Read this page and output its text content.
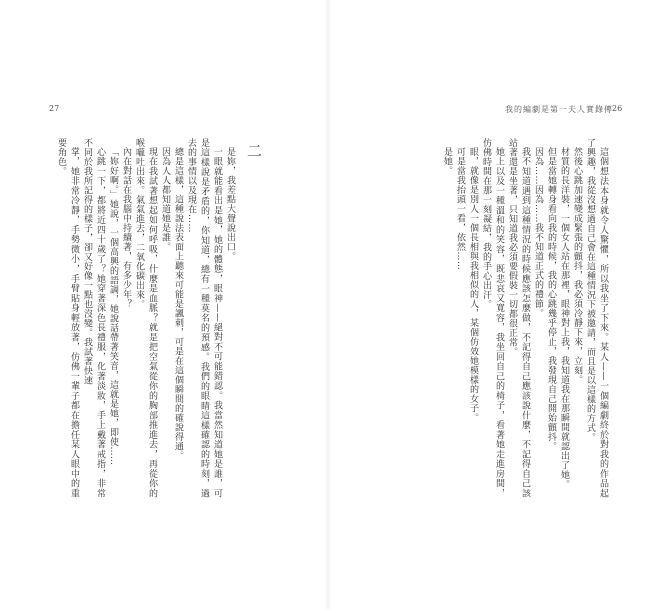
27

是妳，我差點大聲說出口。

一眼就能看出是她，她的體態，眼神——絕對不可能錯認。我當然知道她是誰，可是這樣說是矛盾的，你知道，總有一種莫名的預感。我們的眼睛這樣確認的時刻，過去的事情以及現在……

總是這樣，這種說法表面上聽來可能是諷刺，可是在這個瞬間的確說得通。

因為人人都知道她是誰。

現在我試著想起如何呼吸，什麼是血脈？就是把空氣從你的胸部推進去，再從你的喉嚨吐出來。氣氣進去，二氧化碳出來。

內在對話在我腦中持續著，有多少年？

「妳好啊。」她說，一個高興的語調，她說話帶著笑音，這就是她，即使……

心跳一下，都將近四十歲了？她穿著深色長禮服，化著淡妝，手上戴著戒指，非常不同於我所記得的樣子，卻又好像一點也沒變。我試著快速

掌，她非常冷靜，手勢微小，手臂貼身輕放著，仿佛一輩子都在擔任某人眼中的重要角色。	二
我的編劇是第一夫人實錄傳 26

這個想法本身就令人驚懼，所以我坐了下來。某人——一個編劇終於對我的作品起了興趣，我從沒想過自己會在這種情況下被邀請，而且是以這樣的方式。

然後心跳加速變成緊張的顫抖，我必須冷靜下來，立刻。

材質的長洋裝，一個女人站在那裡，眼神對上我，我知道我在那瞬間就認出了她。

但是當她轉身看向我的時候，我的心跳幾乎停止，我發現自己開始顫抖。

因為……因為……我不知道正式的禮節。

我不知道遇到這種情況的時候應該怎麼做，不記得自己應該說什麼，不記得自己該站著還是坐著，只知道我必須要假裝一切都很正常。

她上以及一種溫和的笑容，既悲哀又寬容，我坐回自己的椅子，看著她走進房間，仿佛時間在那一刻凝結，我的手心出汗。

眼，就像是別人一個長相與我相似的人，某個仿效她模樣的女子。

可是當我抬頭一看，依然……

是她。
